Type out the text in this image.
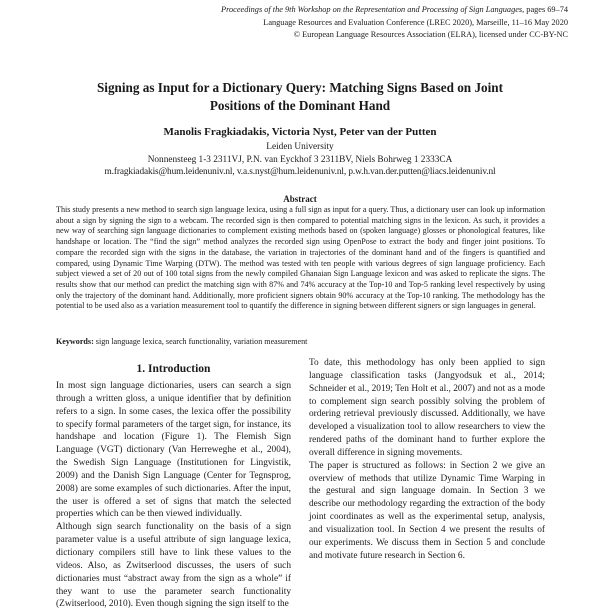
Proceedings of the 9th Workshop on the Representation and Processing of Sign Languages, pages 69–74
Language Resources and Evaluation Conference (LREC 2020), Marseille, 11–16 May 2020
© European Language Resources Association (ELRA), licensed under CC-BY-NC
Signing as Input for a Dictionary Query: Matching Signs Based on Joint
Positions of the Dominant Hand
Manolis Fragkiadakis, Victoria Nyst, Peter van der Putten
Leiden University
Nonnensteeg 1-3 2311VJ, P.N. van Eyckhof 3 2311BV, Niels Bohrweg 1 2333CA
m.fragkiadakis@hum.leidenuniv.nl, v.a.s.nyst@hum.leidenuniv.nl, p.w.h.van.der.putten@liacs.leidenuniv.nl
Abstract
This study presents a new method to search sign language lexica, using a full sign as input for a query. Thus, a dictionary user can look up information about a sign by signing the sign to a webcam. The recorded sign is then compared to potential matching signs in the lexicon. As such, it provides a new way of searching sign language dictionaries to complement existing methods based on (spoken language) glosses or phonological features, like handshape or location. The “find the sign” method analyzes the recorded sign using OpenPose to extract the body and finger joint positions. To compare the recorded sign with the signs in the database, the variation in trajectories of the dominant hand and of the fingers is quantified and compared, using Dynamic Time Warping (DTW). The method was tested with ten people with various degrees of sign language proficiency. Each subject viewed a set of 20 out of 100 total signs from the newly compiled Ghanaian Sign Language lexicon and was asked to replicate the signs. The results show that our method can predict the matching sign with 87% and 74% accuracy at the Top-10 and Top-5 ranking level respectively by using only the trajectory of the dominant hand. Additionally, more proficient signers obtain 90% accuracy at the Top-10 ranking. The methodology has the potential to be used also as a variation measurement tool to quantify the difference in signing between different signers or sign languages in general.
Keywords: sign language lexica, search functionality, variation measurement
1. Introduction

In most sign language dictionaries, users can search a sign through a written gloss, a unique identifier that by definition refers to a sign. In some cases, the lexica offer the possibility to specify formal parameters of the target sign, for instance, its handshape and location (Figure 1). The Flemish Sign Language (VGT) dictionary (Van Herreweghe et al., 2004), the Swedish Sign Language (Institutionen for Lingvistik, 2009) and the Danish Sign Language (Center for Tegnsprog, 2008) are some examples of such dictionaries. After the input, the user is offered a set of signs that match the selected properties which can be then viewed individually.

Although sign search functionality on the basis of a sign parameter value is a useful attribute of sign language lexica, dictionary compilers still have to link these values to the videos. Also, as Zwitserlood discusses, the users of such dictionaries must “abstract away from the sign as a whole” if they want to use the parameter search functionality (Zwitserlood, 2010). Even though signing the sign itself to the

To date, this methodology has only been applied to sign language classification tasks (Jangyodsuk et al., 2014; Schneider et al., 2019; Ten Holt et al., 2007) and not as a mode to complement sign search possibly solving the problem of ordering retrieval previously discussed. Additionally, we have developed a visualization tool to allow researchers to view the rendered paths of the dominant hand to further explore the overall difference in signing movements.

The paper is structured as follows: in Section 2 we give an overview of methods that utilize Dynamic Time Warping in the gestural and sign language domain. In Section 3 we describe our methodology regarding the extraction of the body joint coordinates as well as the experimental setup, analysis, and visualization tool. In Section 4 we present the results of our experiments. We discuss them in Section 5 and conclude and motivate future research in Section 6.
